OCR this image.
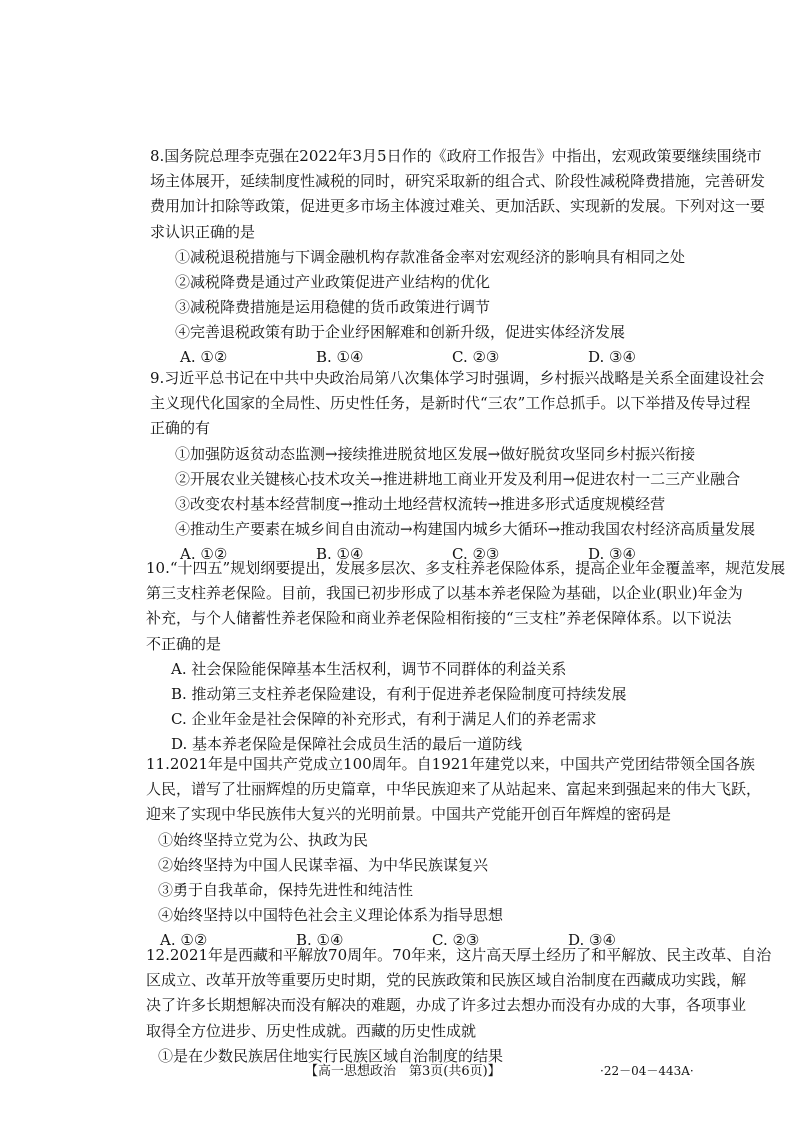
8.国务院总理李克强在2022年3月5日作的《政府工作报告》中指出，宏观政策要继续围绕市
场主体展开，延续制度性减税的同时，研究采取新的组合式、阶段性减税降费措施，完善研发
费用加计扣除等政策，促进更多市场主体渡过难关、更加活跃、实现新的发展。下列对这一要
求认识正确的是
①减税退税措施与下调金融机构存款准备金率对宏观经济的影响具有相同之处
②减税降费是通过产业政策促进产业结构的优化
③减税降费措施是运用稳健的货币政策进行调节
④完善退税政策有助于企业纾困解难和创新升级，促进实体经济发展
A. ①②	B. ①④	C. ②③	D. ③④
9.习近平总书记在中共中央政治局第八次集体学习时强调，乡村振兴战略是关系全面建设社会
主义现代化国家的全局性、历史性任务，是新时代“三农”工作总抓手。以下举措及传导过程
正确的有
①加强防返贫动态监测→接续推进脱贫地区发展→做好脱贫攻坚同乡村振兴衔接
②开展农业关键核心技术攻关→推进耕地工商业开发及利用→促进农村一二三产业融合
③改变农村基本经营制度→推动土地经营权流转→推进多形式适度规模经营
④推动生产要素在城乡间自由流动→构建国内城乡大循环→推动我国农村经济高质量发展
A. ①②	B. ①④	C. ②③	D. ③④
10.“十四五”规划纲要提出，发展多层次、多支柱养老保险体系，提高企业年金覆盖率，规范发展
第三支柱养老保险。目前，我国已初步形成了以基本养老保险为基础，以企业(职业)年金为
补充，与个人储蓄性养老保险和商业养老保险相衔接的“三支柱”养老保障体系。以下说法
不正确的是
A. 社会保险能保障基本生活权利，调节不同群体的利益关系
B. 推动第三支柱养老保险建设，有利于促进养老保险制度可持续发展
C. 企业年金是社会保障的补充形式，有利于满足人们的养老需求
D. 基本养老保险是保障社会成员生活的最后一道防线
11.2021年是中国共产党成立100周年。自1921年建党以来，中国共产党团结带领全国各族
人民，谱写了壮丽辉煌的历史篇章，中华民族迎来了从站起来、富起来到强起来的伟大飞跃，
迎来了实现中华民族伟大复兴的光明前景。中国共产党能开创百年辉煌的密码是
①始终坚持立党为公、执政为民
②始终坚持为中国人民谋幸福、为中华民族谋复兴
③勇于自我革命，保持先进性和纯洁性
④始终坚持以中国特色社会主义理论体系为指导思想
A. ①②	B. ①④	C. ②③	D. ③④
12.2021年是西藏和平解放70周年。70年来，这片高天厚土经历了和平解放、民主改革、自治
区成立、改革开放等重要历史时期，党的民族政策和民族区域自治制度在西藏成功实践，解
决了许多长期想解决而没有解决的难题，办成了许多过去想办而没有办成的大事，各项事业
取得全方位进步、历史性成就。西藏的历史性成就
①是在少数民族居住地实行民族区域自治制度的结果
【高一思想政治　第3页(共6页)】	·22－04－443A·
